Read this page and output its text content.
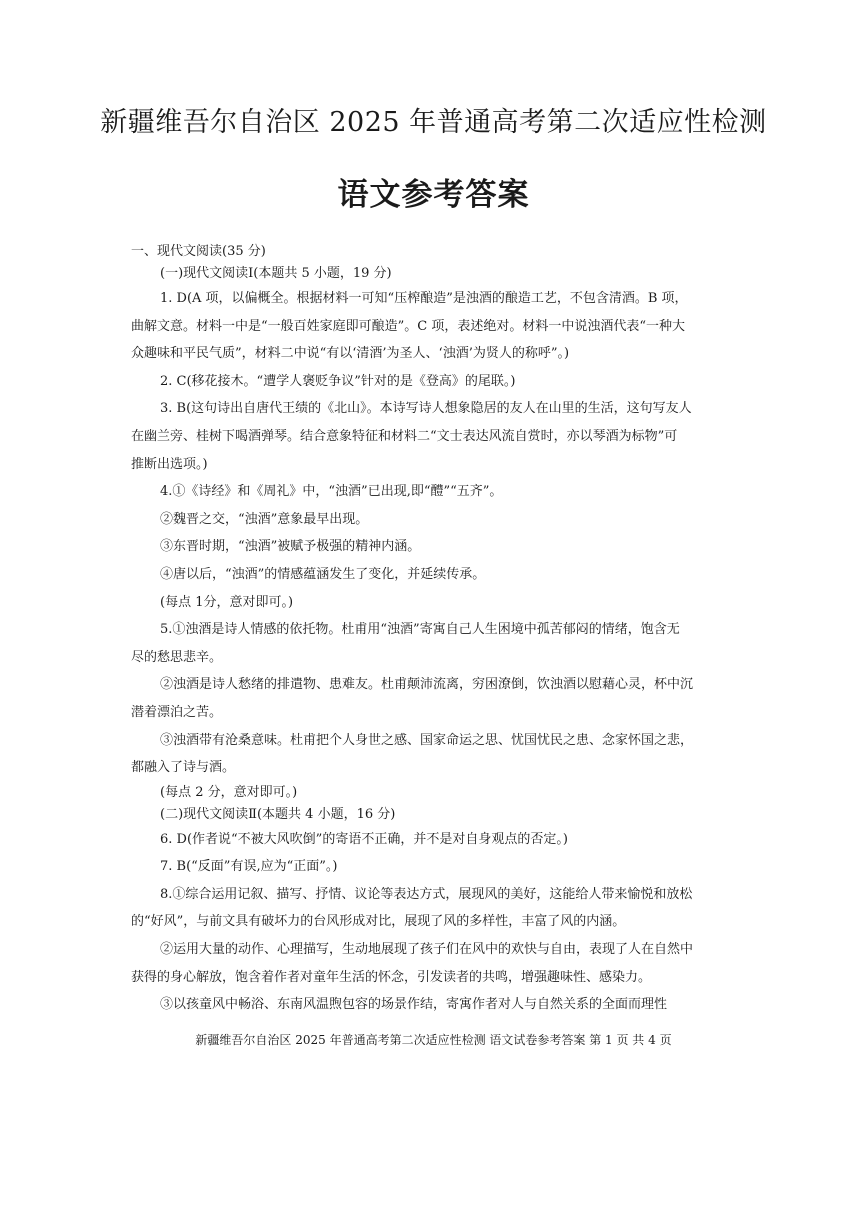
新疆维吾尔自治区 2025 年普通高考第二次适应性检测
语文参考答案
一、现代文阅读(35 分)
(一)现代文阅读Ⅰ(本题共 5 小题，19 分)
1. D(A 项，以偏概全。根据材料一可知“压榨酿造”是浊酒的酿造工艺，不包含清酒。B 项，
曲解文意。材料一中是“一般百姓家庭即可酿造”。C 项，表述绝对。材料一中说浊酒代表“一种大
众趣味和平民气质”，材料二中说“有以‘清酒’为圣人、‘浊酒’为贤人的称呼”。)
2. C(移花接木。“遭学人褒贬争议”针对的是《登高》的尾联。)
3. B(这句诗出自唐代王绩的《北山》。本诗写诗人想象隐居的友人在山里的生活，这句写友人
在幽兰旁、桂树下喝酒弹琴。结合意象特征和材料二“文士表达风流自赏时，亦以琴酒为标物”可
推断出选项。)
4.①《诗经》和《周礼》中，“浊酒”已出现,即“醴”“五齐”。
②魏晋之交，“浊酒”意象最早出现。
③东晋时期，“浊酒”被赋予极强的精神内涵。
④唐以后，“浊酒”的情感蕴涵发生了变化，并延续传承。
(每点 1分，意对即可。)
5.①浊酒是诗人情感的依托物。杜甫用“浊酒”寄寓自己人生困境中孤苦郁闷的情绪，饱含无
尽的愁思悲辛。
②浊酒是诗人愁绪的排遣物、患难友。杜甫颠沛流离，穷困潦倒，饮浊酒以慰藉心灵，杯中沉
潜着漂泊之苦。
③浊酒带有沧桑意味。杜甫把个人身世之感、国家命运之思、忧国忧民之患、念家怀国之悲，
都融入了诗与酒。
(每点 2 分，意对即可。)
(二)现代文阅读Ⅱ(本题共 4 小题，16 分)
6. D(作者说“不被大风吹倒”的寄语不正确，并不是对自身观点的否定。)
7. B(“反面”有误,应为“正面”。)
8.①综合运用记叙、描写、抒情、议论等表达方式，展现风的美好，这能给人带来愉悦和放松
的“好风”，与前文具有破坏力的台风形成对比，展现了风的多样性，丰富了风的内涵。
②运用大量的动作、心理描写，生动地展现了孩子们在风中的欢快与自由，表现了人在自然中
获得的身心解放，饱含着作者对童年生活的怀念，引发读者的共鸣，增强趣味性、感染力。
③以孩童风中畅浴、东南风温煦包容的场景作结，寄寓作者对人与自然关系的全面而理性
新疆维吾尔自治区 2025 年普通高考第二次适应性检测 语文试卷参考答案 第 1 页 共 4 页
